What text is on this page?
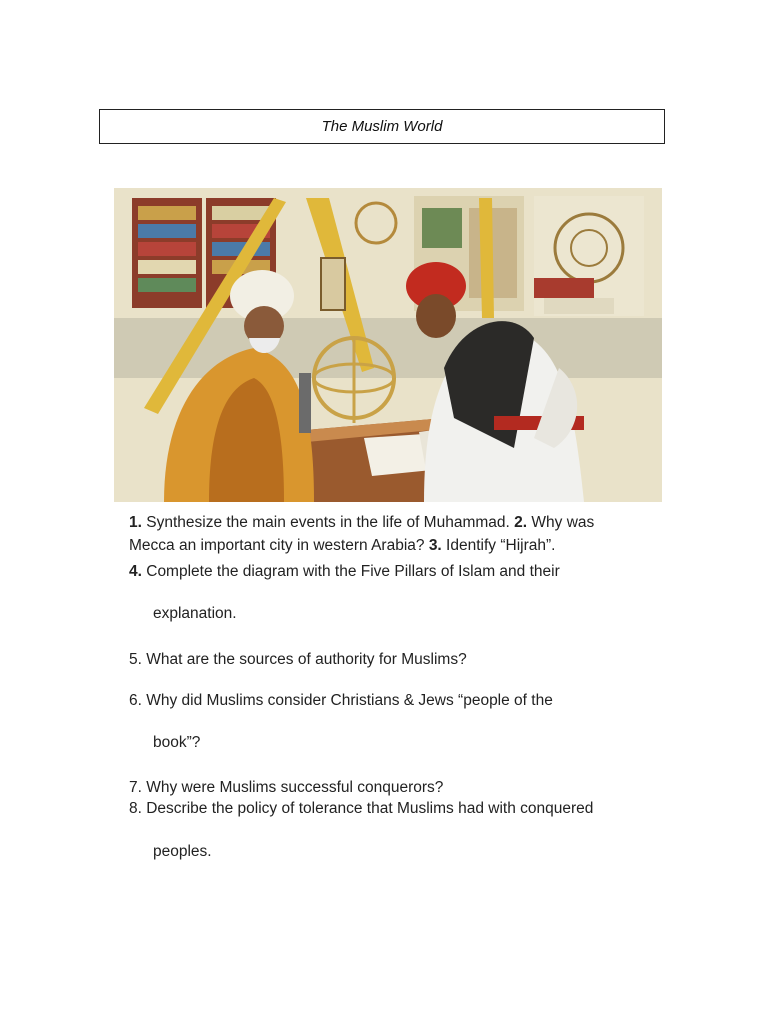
The Muslim World
1. Synthesize the main events in the life of Muhammad. 2. Why was
Mecca an important city in western Arabia? 3. Identify “Hijrah”.
4. Complete the diagram with the Five Pillars of Islam and their
explanation.
5. What are the sources of authority for Muslims?
6. Why did Muslims consider Christians & Jews “people of the
book”?
7. Why were Muslims successful conquerors?
8. Describe the policy of tolerance that Muslims had with conquered
peoples.
